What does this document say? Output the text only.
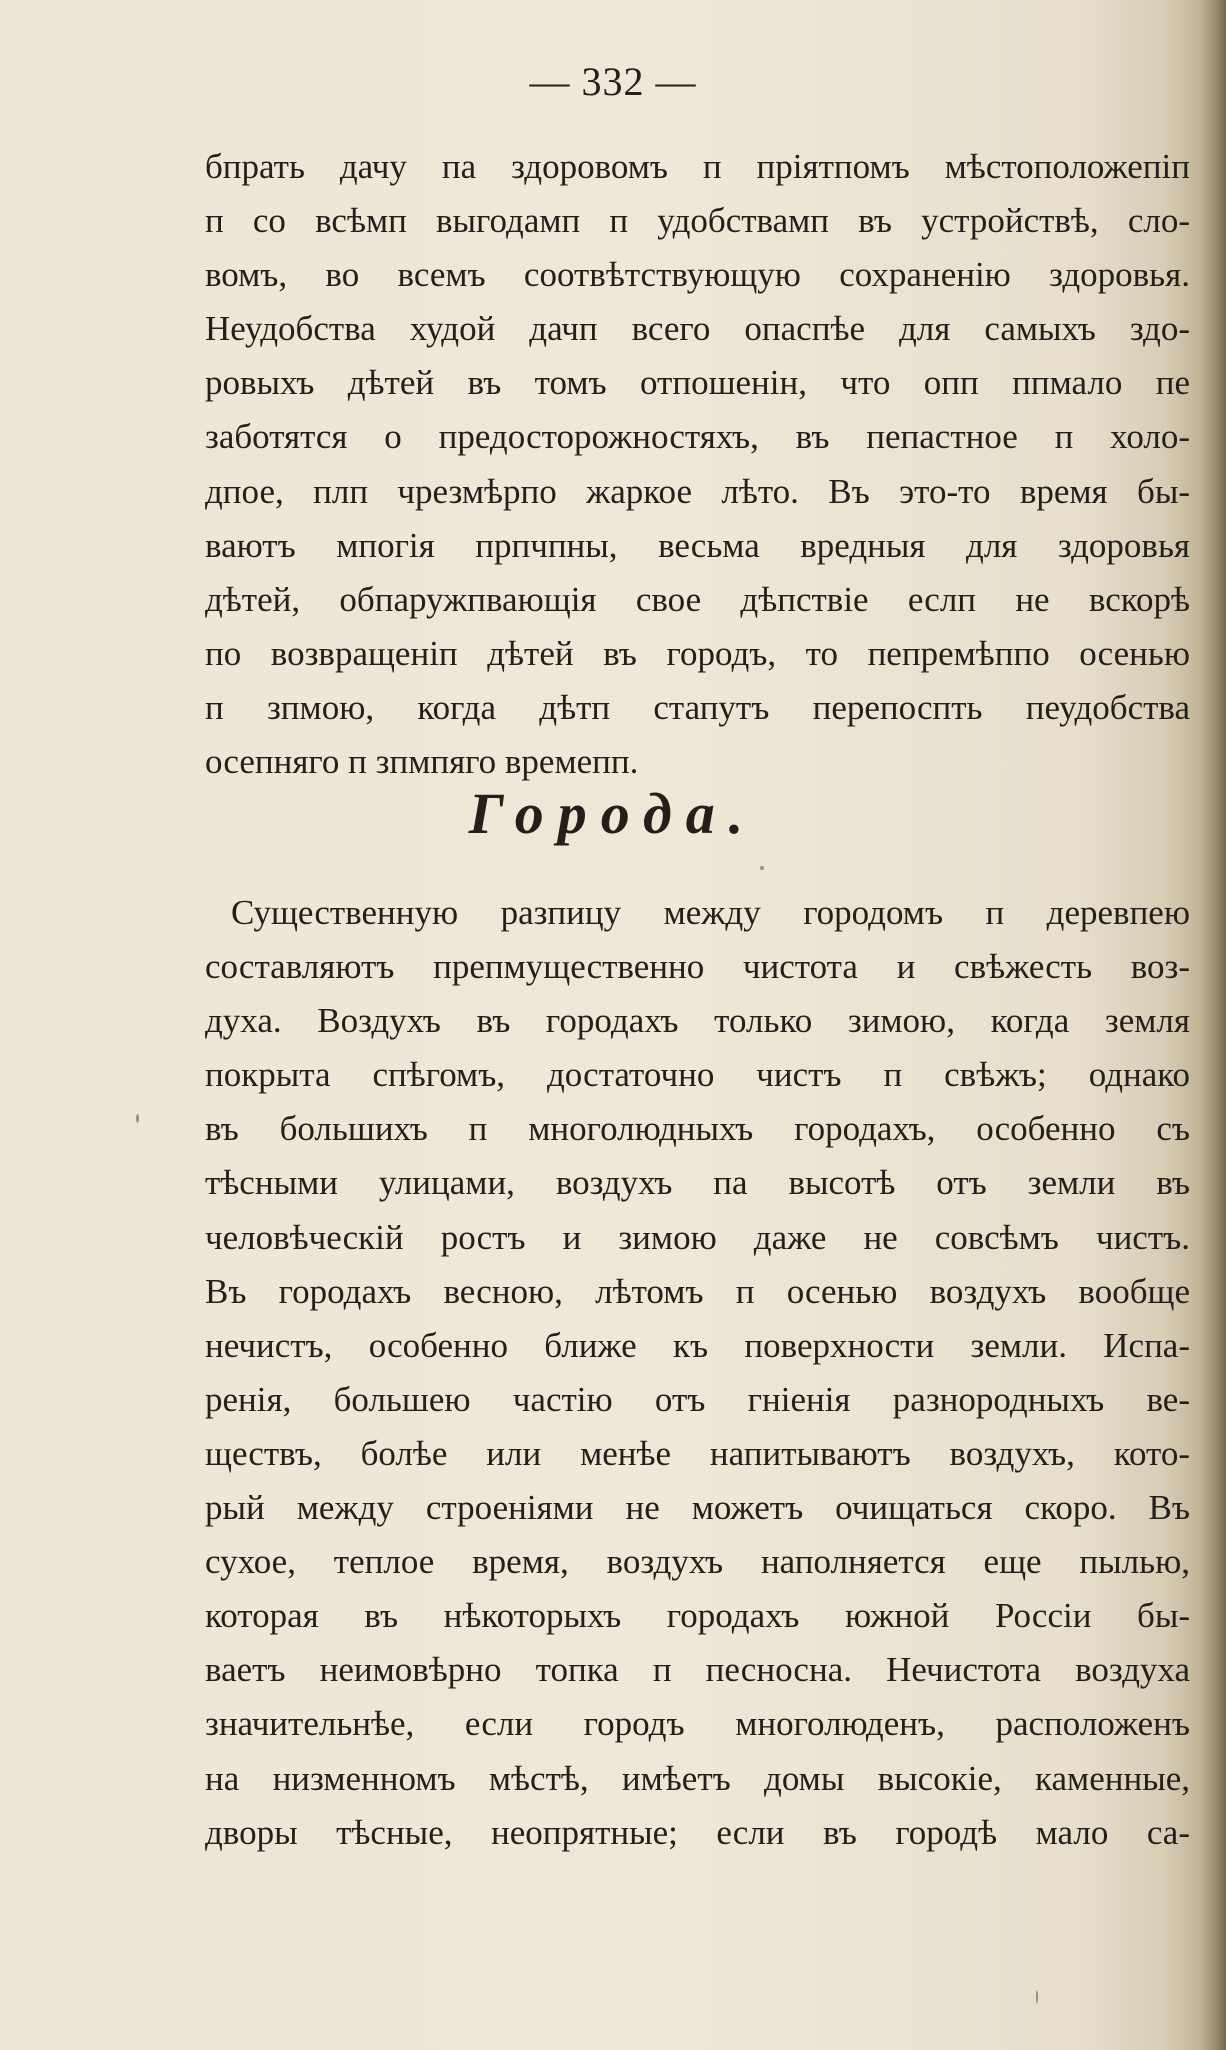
— 332 —
бпрать дачу па здоровомъ п пріятпомъ мѣстоположепіп
п со всѣмп выгодамп п удобствамп въ устройствѣ, сло-
вомъ, во всемъ соотвѣтствующую сохраненію здоровья.
Неудобства худой дачп всего опаспѣе для самыхъ здо-
ровыхъ дѣтей въ томъ отпошенін, что опп ппмало пе
заботятся о предосторожностяхъ, въ пепастное п холо-
дпое, плп чрезмѣрпо жаркое лѣто. Въ это-то время бы-
ваютъ мпогія прпчпны, весьма вредныя для здоровья
дѣтей, обпаружпвающія свое дѣпствіе еслп не вскорѣ
по возвращеніп дѣтей въ городъ, то пепремѣппо осенью
п зпмою, когда дѣтп стапутъ перепоспть пеудобства
осепняго п зпмпяго времепп.
Города.
Существенную разпицу между городомъ п деревпею
составляютъ препмущественно чистота и свѣжесть воз-
духа. Воздухъ въ городахъ только зимою, когда земля
покрыта спѣгомъ, достаточно чистъ п свѣжъ; однако
въ большихъ п многолюдныхъ городахъ, особенно съ
тѣсными улицами, воздухъ па высотѣ отъ земли въ
человѣческій ростъ и зимою даже не совсѣмъ чистъ.
Въ городахъ весною, лѣтомъ п осенью воздухъ вообще
нечистъ, особенно ближе къ поверхности земли. Испа-
ренія, большею частію отъ гніенія разнородныхъ ве-
ществъ, болѣе или менѣе напитываютъ воздухъ, кото-
рый между строеніями не можетъ очищаться скоро. Въ
сухое, теплое время, воздухъ наполняется еще пылью,
которая въ нѣкоторыхъ городахъ южной Россіи бы-
ваетъ неимовѣрно топка п песносна. Нечистота воздуха
значительнѣе, если городъ многолюденъ, расположенъ
на низменномъ мѣстѣ, имѣетъ домы высокіе, каменные,
дворы тѣсные, неопрятные; если въ городѣ мало са-
